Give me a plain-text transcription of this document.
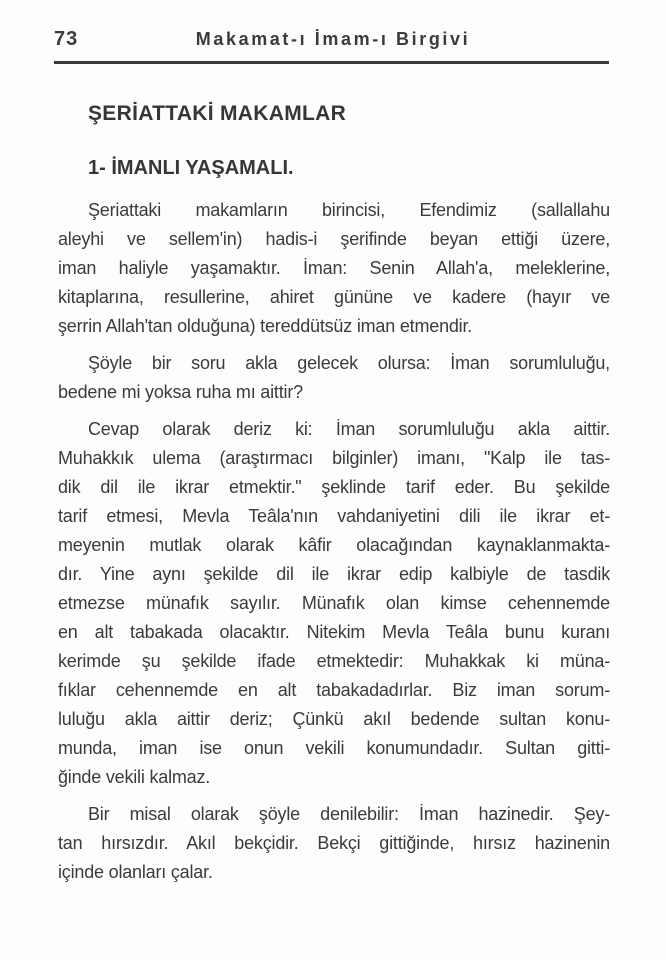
73	Makamat-ı İmam-ı Birgivi
ŞERİATTAKİ MAKAMLAR
1- İMANLI YAŞAMALI.
Şeriattaki makamların birincisi, Efendimiz (sallallahu
aleyhi ve sellem'in) hadis-i şerifinde beyan ettiği üzere,
iman haliyle yaşamaktır. İman: Senin Allah'a, meleklerine,
kitaplarına, resullerine, ahiret gününe ve kadere (hayır ve
şerrin Allah'tan olduğuna) tereddütsüz iman etmendir.
Şöyle bir soru akla gelecek olursa: İman sorumluluğu,
bedene mi yoksa ruha mı aittir?
Cevap olarak deriz ki: İman sorumluluğu akla aittir.
Muhakkık ulema (araştırmacı bilginler) imanı, "Kalp ile tas-
dik dil ile ikrar etmektir." şeklinde tarif eder. Bu şekilde
tarif etmesi, Mevla Teâla'nın vahdaniyetini dili ile ikrar et-
meyenin mutlak olarak kâfir olacağından kaynaklanmakta-
dır. Yine aynı şekilde dil ile ikrar edip kalbiyle de tasdik
etmezse münafık sayılır. Münafık olan kimse cehennemde
en alt tabakada olacaktır. Nitekim Mevla Teâla bunu kuranı
kerimde şu şekilde ifade etmektedir: Muhakkak ki müna-
fıklar cehennemde en alt tabakadadırlar. Biz iman sorum-
luluğu akla aittir deriz; Çünkü akıl bedende sultan konu-
munda, iman ise onun vekili konumundadır. Sultan gitti-
ğinde vekili kalmaz.
Bir misal olarak şöyle denilebilir: İman hazinedir. Şey-
tan hırsızdır. Akıl bekçidir. Bekçi gittiğinde, hırsız hazinenin
içinde olanları çalar.
